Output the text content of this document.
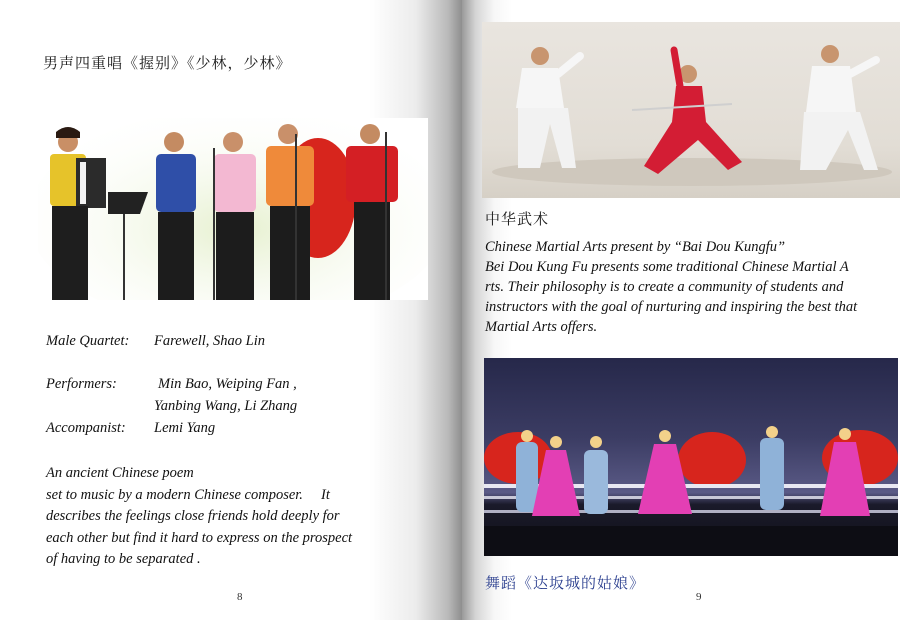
男声四重唱《握别》《少林，少林》
Male Quartet: Farewell, Shao Lin
Performers:	Min Bao, Weiping Fan ,
Yanbing Wang, Li Zhang
Accompanist: Lemi Yang
An ancient Chinese poem
set to music by a modern Chinese composer.     It
describes the feelings close friends hold deeply for
each other but find it hard to express on the prospect
of having to be separated .
8
中华武术
Chinese Martial Arts present by “Bai Dou Kungfu”
Bei Dou Kung Fu presents some traditional Chinese Martial A
rts. Their philosophy is to create a community of students and
instructors with the goal of nurturing and inspiring the best that
Martial Arts offers.
舞蹈《达坂城的姑娘》
9
